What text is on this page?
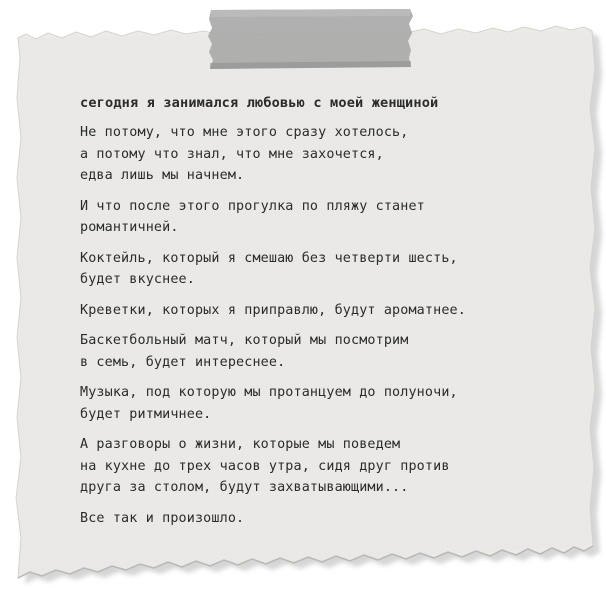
сегодня я занимался любовью с моей женщиной
Не потому, что мне этого сразу хотелось,
а потому что знал, что мне захочется,
едва лишь мы начнем.
И что после этого прогулка по пляжу станет
романтичней.
Коктейль, который я смешаю без четверти шесть,
будет вкуснее.
Креветки, которых я приправлю, будут ароматнее.
Баскетбольный матч, который мы посмотрим
в семь, будет интереснее.
Музыка, под которую мы протанцуем до полуночи,
будет ритмичнее.
А разговоры о жизни, которые мы поведем
на кухне до трех часов утра, сидя друг против
друга за столом, будут захватывающими...
Все так и произошло.
